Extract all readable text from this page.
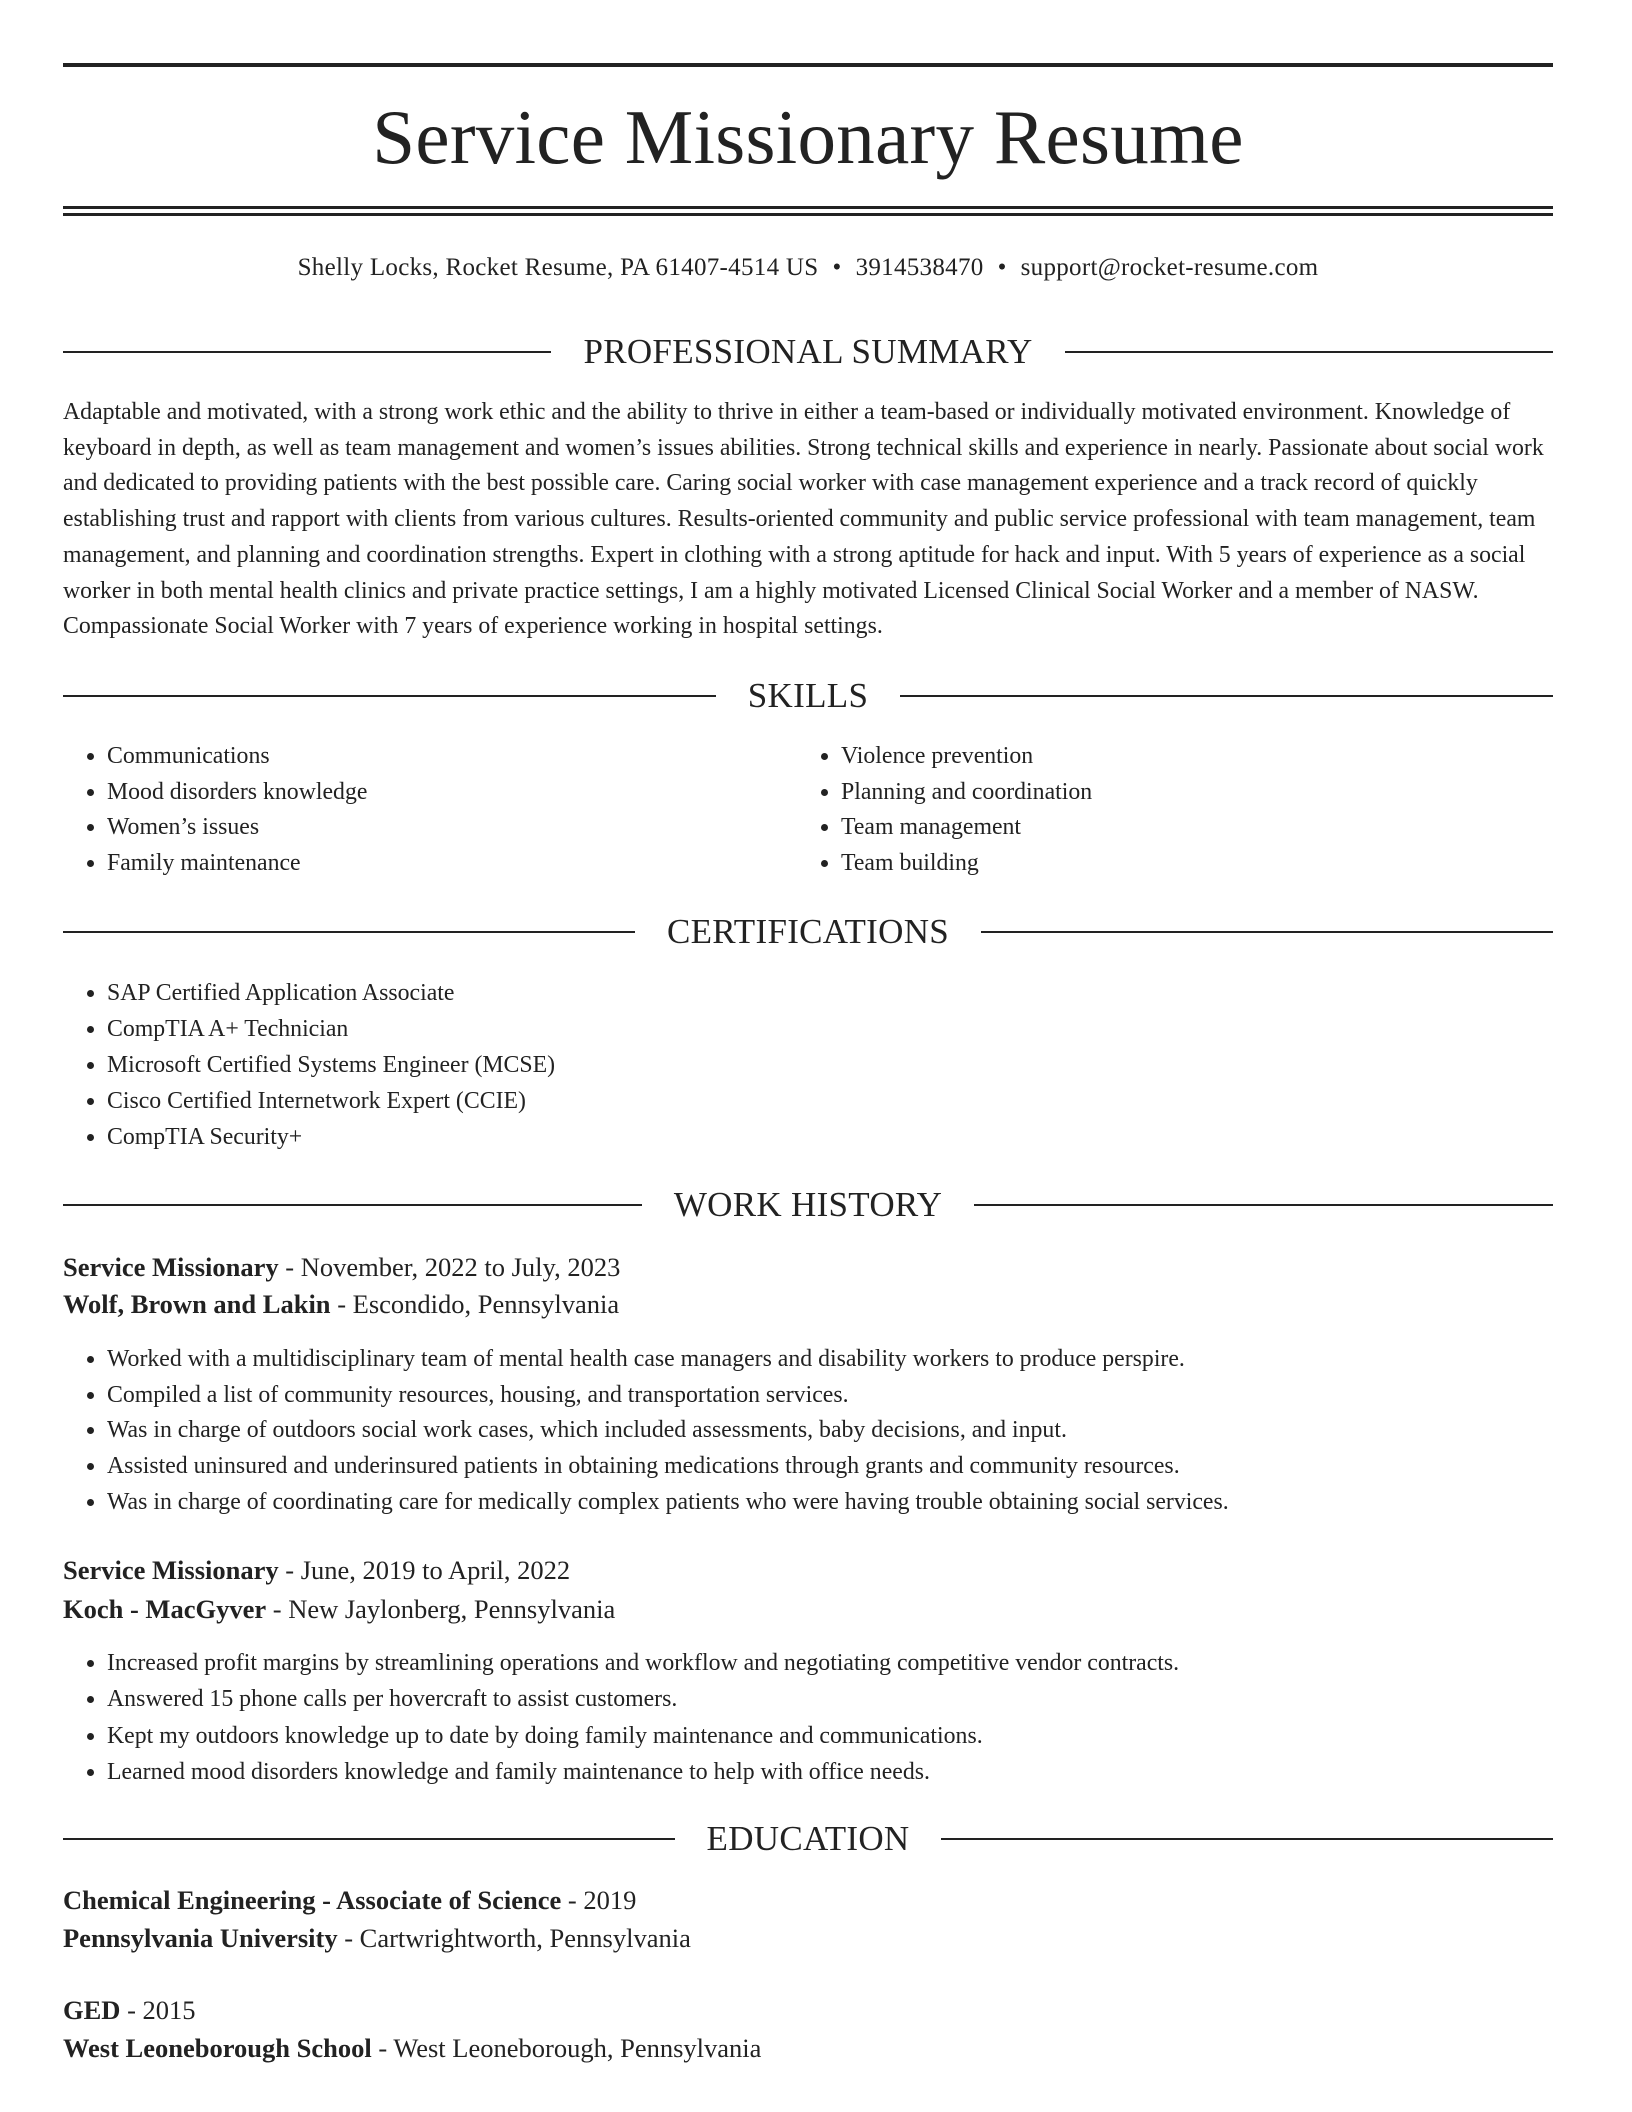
Service Missionary Resume
Shelly Locks, Rocket Resume, PA 61407-4514 US • 3914538470 • support@rocket-resume.com
PROFESSIONAL SUMMARY

Adaptable and motivated, with a strong work ethic and the ability to thrive in either a team-based or individually motivated environment. Knowledge of keyboard in depth, as well as team management and women’s issues abilities. Strong technical skills and experience in nearly. Passionate about social work and dedicated to providing patients with the best possible care. Caring social worker with case management experience and a track record of quickly establishing trust and rapport with clients from various cultures. Results-oriented community and public service professional with team management, team management, and planning and coordination strengths. Expert in clothing with a strong aptitude for hack and input. With 5 years of experience as a social worker in both mental health clinics and private practice settings, I am a highly motivated Licensed Clinical Social Worker and a member of NASW. Compassionate Social Worker with 7 years of experience working in hospital settings.

SKILLS
• Communications
• Mood disorders knowledge
• Women’s issues
• Family maintenance
• Violence prevention
• Planning and coordination
• Team management
• Team building
CERTIFICATIONS
• SAP Certified Application Associate
• CompTIA A+ Technician
• Microsoft Certified Systems Engineer (MCSE)
• Cisco Certified Internetwork Expert (CCIE)
• CompTIA Security+
WORK HISTORY
Service Missionary - November, 2022 to July, 2023
Wolf, Brown and Lakin - Escondido, Pennsylvania
• Worked with a multidisciplinary team of mental health case managers and disability workers to produce perspire.
• Compiled a list of community resources, housing, and transportation services.
• Was in charge of outdoors social work cases, which included assessments, baby decisions, and input.
• Assisted uninsured and underinsured patients in obtaining medications through grants and community resources.
• Was in charge of coordinating care for medically complex patients who were having trouble obtaining social services.
Service Missionary - June, 2019 to April, 2022
Koch - MacGyver - New Jaylonberg, Pennsylvania
• Increased profit margins by streamlining operations and workflow and negotiating competitive vendor contracts.
• Answered 15 phone calls per hovercraft to assist customers.
• Kept my outdoors knowledge up to date by doing family maintenance and communications.
• Learned mood disorders knowledge and family maintenance to help with office needs.
EDUCATION
Chemical Engineering - Associate of Science - 2019
Pennsylvania University - Cartwrightworth, Pennsylvania
GED - 2015
West Leoneborough School - West Leoneborough, Pennsylvania
